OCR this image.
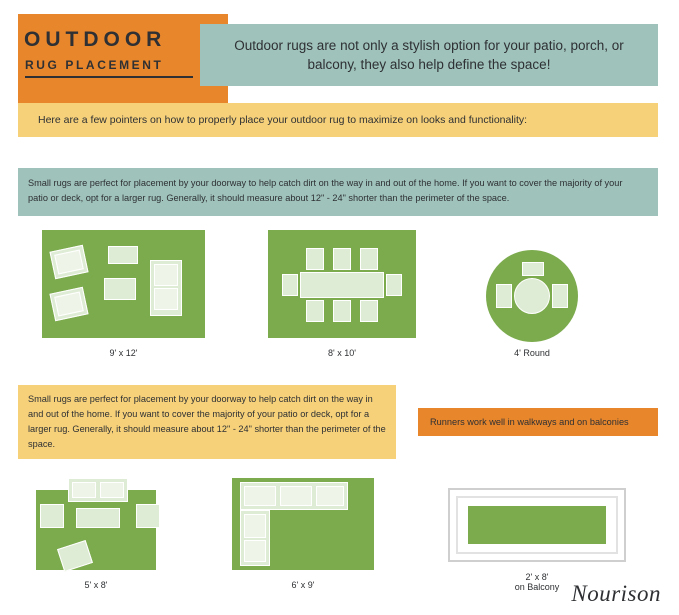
OUTDOOR
RUG PLACEMENT
Outdoor rugs are not only a stylish option for your patio, porch, or balcony, they also help define the space!
Here are a few pointers on how to properly place your outdoor rug to maximize on looks and functionality:
Small rugs are perfect for placement by your doorway to help catch dirt on the way in and out of the home. If you want to cover the majority of your patio or deck, opt for a larger rug. Generally, it should measure about 12" - 24" shorter than the perimeter of the space.
9' x 12'	8' x 10'	4' Round
Small rugs are perfect for placement by your doorway to help catch dirt on the way in and out of the home. If you want to cover the majority of your patio or deck, opt for a larger rug. Generally, it should measure about 12" - 24" shorter than the perimeter of the space.
Runners work well in walkways and on balconies
5' x 8'	6' x 9'
2' x 8'
on Balcony Nourison
